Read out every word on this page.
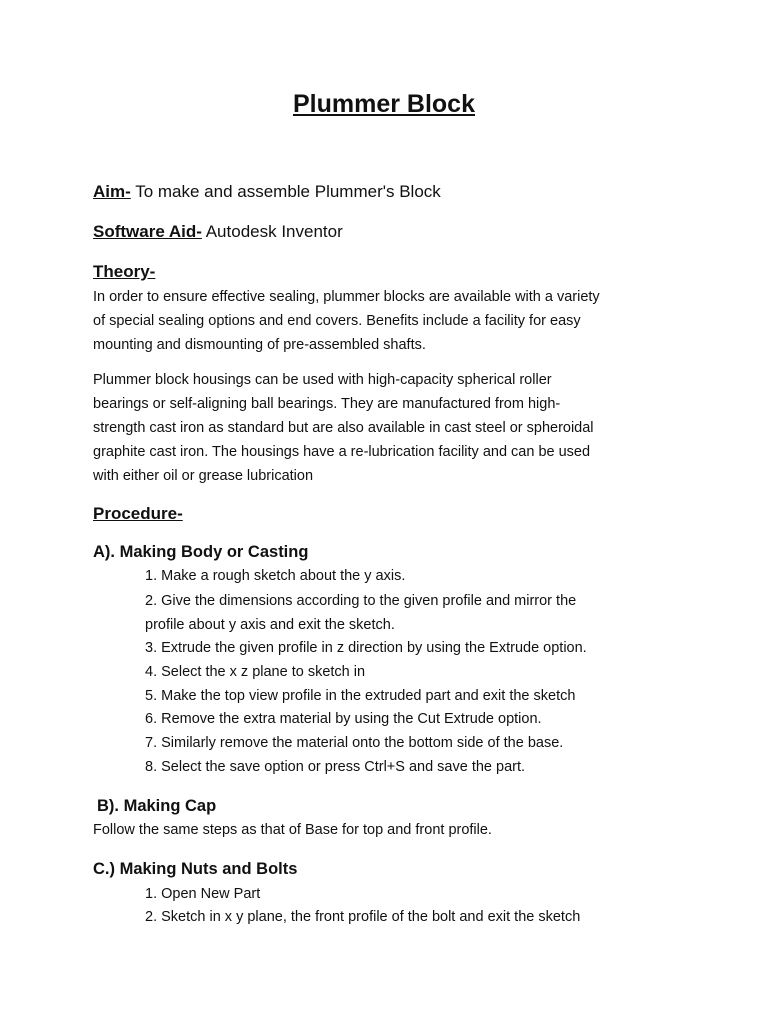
Plummer Block
Aim- To make and assemble Plummer's Block
Software Aid- Autodesk Inventor
Theory-
In order to ensure effective sealing, plummer blocks are available with a variety
of special sealing options and end covers. Benefits include a facility for easy
mounting and dismounting of pre-assembled shafts.
Plummer block housings can be used with high-capacity spherical roller
bearings or self-aligning ball bearings. They are manufactured from high-
strength cast iron as standard but are also available in cast steel or spheroidal
graphite cast iron. The housings have a re-lubrication facility and can be used
with either oil or grease lubrication
Procedure-
A). Making Body or Casting
1. Make a rough sketch about the y axis.
2. Give the dimensions according to the given profile and mirror the
profile about y axis and exit the sketch.
3. Extrude the given profile in z direction by using the Extrude option.
4. Select the x z plane to sketch in
5. Make the top view profile in the extruded part and exit the sketch
6. Remove the extra material by using the Cut Extrude option.
7. Similarly remove the material onto the bottom side of the base.
8. Select the save option or press Ctrl+S and save the part.
B). Making Cap
Follow the same steps as that of Base for top and front profile.
C.) Making Nuts and Bolts
1. Open New Part
2. Sketch in x y plane, the front profile of the bolt and exit the sketch
